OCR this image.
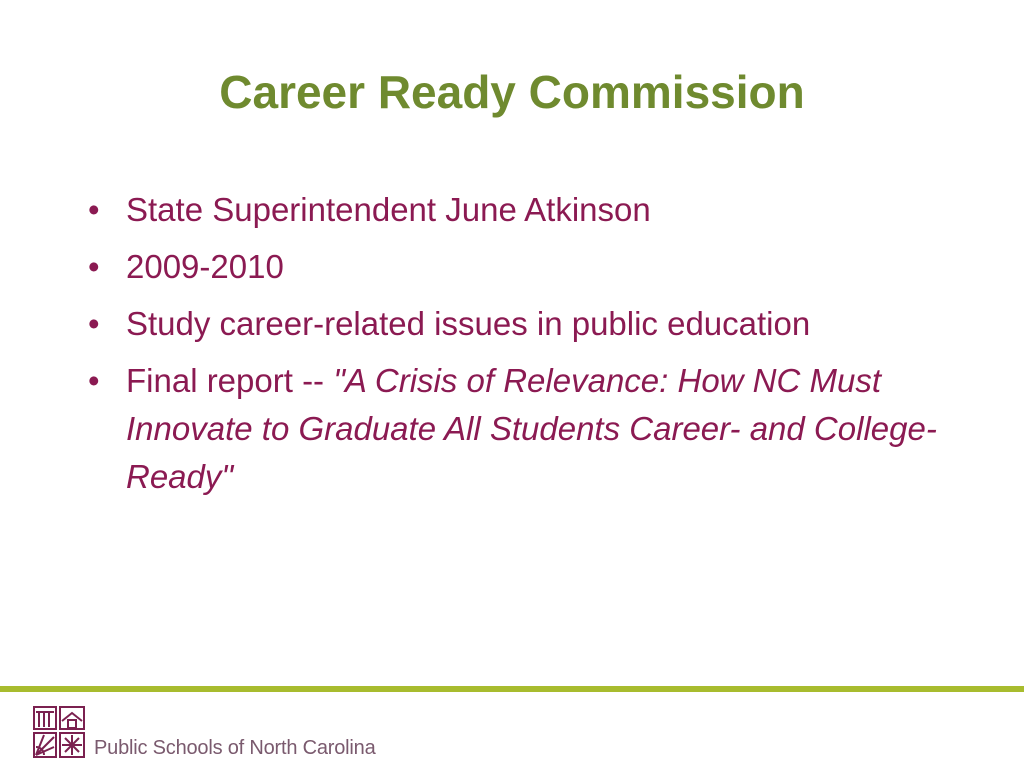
Career Ready Commission
• State Superintendent June Atkinson
• 2009-2010
• Study career-related issues in public education
• Final report -- "A Crisis of Relevance: How NC Must Innovate to Graduate All Students Career- and College-Ready"
Public Schools of North Carolina
